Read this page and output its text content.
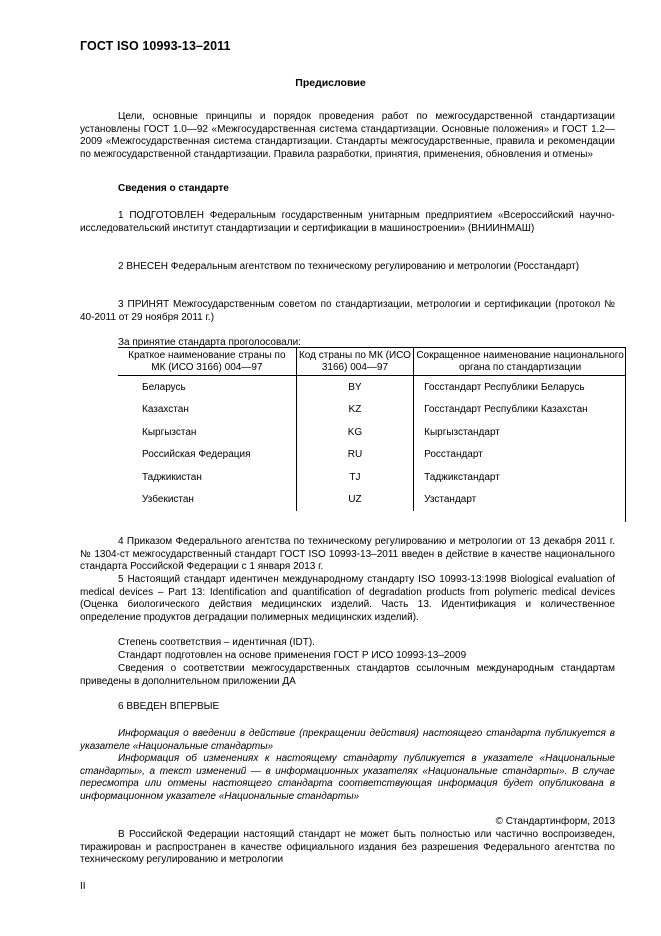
ГОСТ ISO 10993-13–2011
Предисловие

Цели, основные принципы и порядок проведения работ по межгосударственной стандартизации установлены ГОСТ 1.0—92 «Межгосударственная система стандартизации. Основные положения» и ГОСТ 1.2—2009 «Межгосударственная система стандартизации. Стандарты межгосударственные, правила и рекомендации по межгосударственной стандартизации. Правила разработки, принятия, применения, обновления и отмены»

Сведения о стандарте

1 ПОДГОТОВЛЕН Федеральным государственным унитарным предприятием «Всероссийский научно-исследовательский институт стандартизации и сертификации в машиностроении» (ВНИИНМАШ)

2 ВНЕСЕН Федеральным агентством по техническому регулированию и метрологии (Росстандарт)

3 ПРИНЯТ Межгосударственным советом по стандартизации, метрологии и сертификации (протокол № 40-2011 от 29 ноября 2011 г.)

За принятие стандарта проголосовали:

Краткое наименование страны по МК (ИСО 3166) 004—97	Код страны по МК (ИСО 3166) 004—97	Сокращенное наименование национального органа по стандартизации
Беларусь	BY	Госстандарт Республики Беларусь
Казахстан	KZ	Госстандарт Республики Казахстан
Кыргызстан	KG	Кыргызстандарт
Российская Федерация	RU	Росстандарт
Таджикистан	TJ	Таджикстандарт
Узбекистан	UZ	Узстандарт

4 Приказом Федерального агентства по техническому регулированию и метрологии от 13 декабря 2011 г. № 1304-ст межгосударственный стандарт ГОСТ ISO 10993-13–2011 введен в действие в качестве национального стандарта Российской Федерации с 1 января 2013 г.

5 Настоящий стандарт идентичен международному стандарту ISO 10993-13:1998 Biological evaluation of medical devices – Part 13: Identification and quantification of degradation products from polymeric medical devices (Оценка биологического действия медицинских изделий. Часть 13. Идентификация и количественное определение продуктов деградации полимерных медицинских изделий).

Степень соответствия – идентичная (IDT).

Стандарт подготовлен на основе применения ГОСТ Р ИСО 10993-13–2009

Сведения о соответствии межгосударственных стандартов ссылочным международным стандартам приведены в дополнительном приложении ДА

6 ВВЕДЕН ВПЕРВЫЕ

Информация о введении в действие (прекращении действия) настоящего стандарта публикуется в указателе «Национальные стандарты»

Информация об изменениях к настоящему стандарту публикуется в указателе «Национальные стандарты», а текст изменений — в информационных указателях «Национальные стандарты». В случае пересмотра или отмены настоящего стандарта соответствующая информация будет опубликована в информационном указателе «Национальные стандарты»

© Стандартинформ, 2013

В Российской Федерации настоящий стандарт не может быть полностью или частично воспроизведен, тиражирован и распространен в качестве официального издания без разрешения Федерального агентства по техническому регулированию и метрологии

II
